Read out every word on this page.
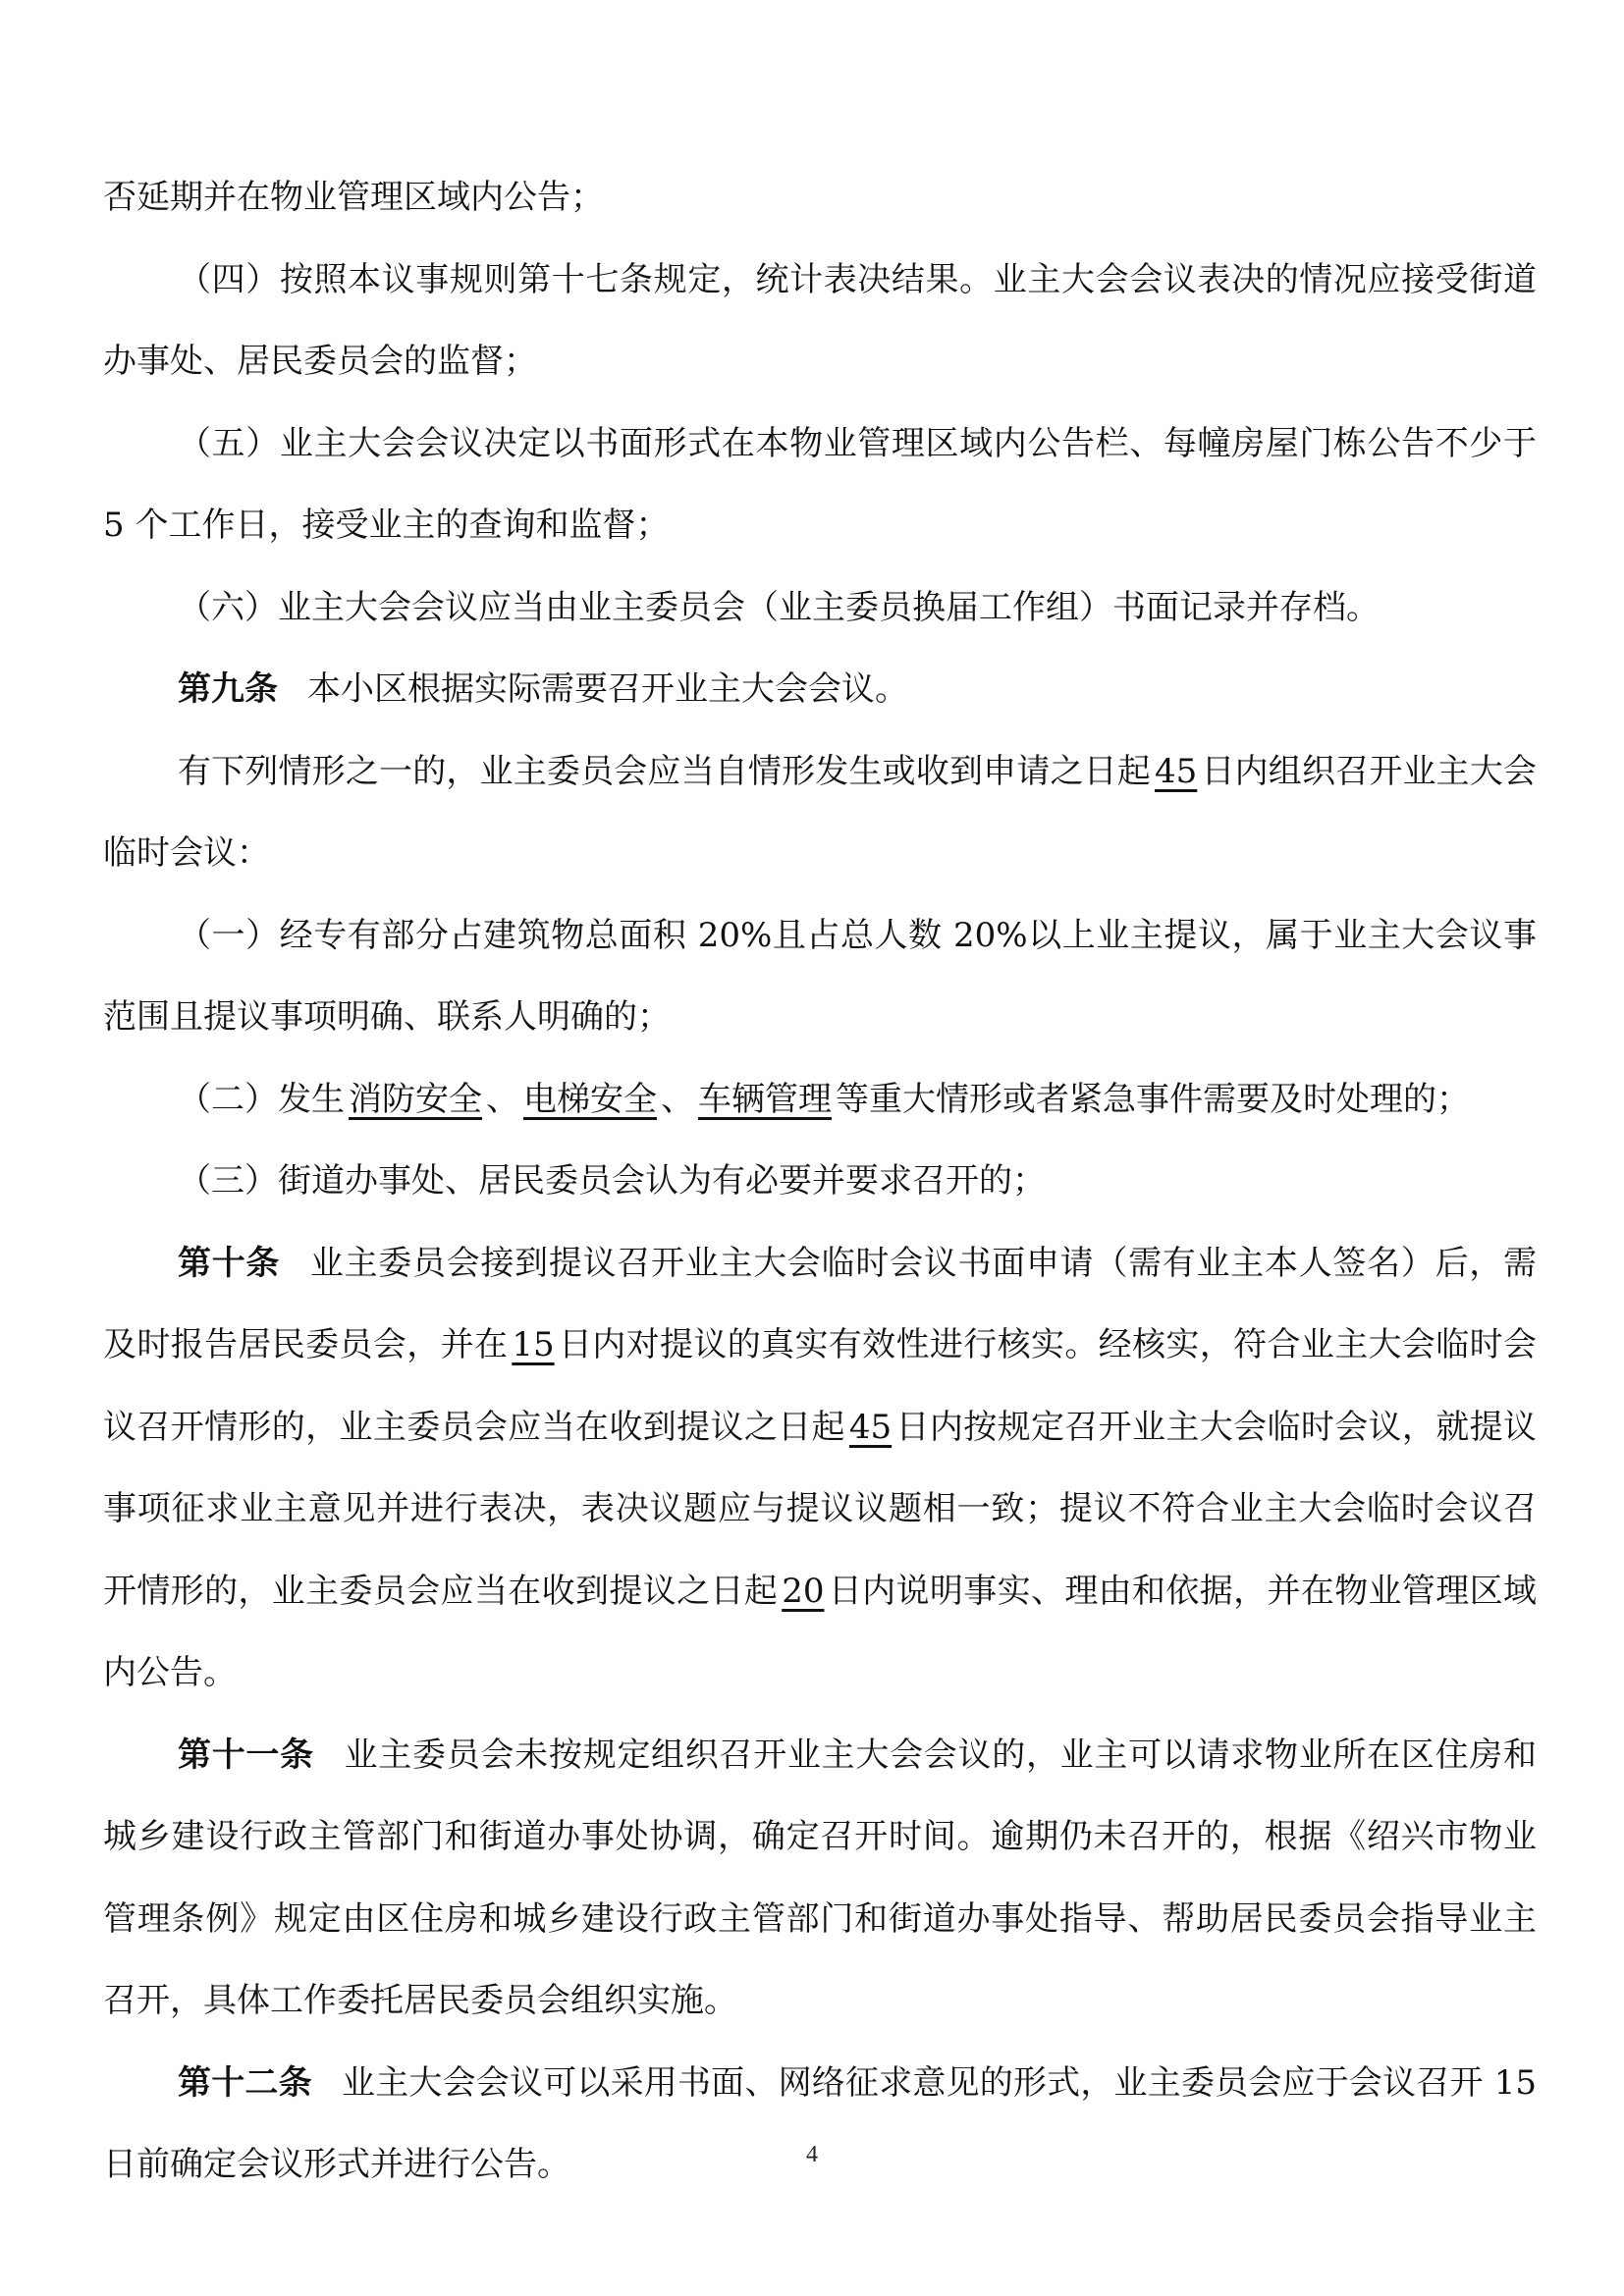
否延期并在物业管理区域内公告；

（四）按照本议事规则第十七条规定，统计表决结果。业主大会会议表决的情况应接受街道办事处、居民委员会的监督；

（五）业主大会会议决定以书面形式在本物业管理区域内公告栏、每幢房屋门栋公告不少于 5 个工作日，接受业主的查询和监督；

（六）业主大会会议应当由业主委员会（业主委员换届工作组）书面记录并存档。

第九条 本小区根据实际需要召开业主大会会议。

有下列情形之一的，业主委员会应当自情形发生或收到申请之日起 45 日内组织召开业主大会临时会议：

（一）经专有部分占建筑物总面积 20%且占总人数 20%以上业主提议，属于业主大会议事范围且提议事项明确、联系人明确的；

（二）发生 消防安全 、 电梯安全 、 车辆管理 等重大情形或者紧急事件需要及时处理的；

（三）街道办事处、居民委员会认为有必要并要求召开的；

第十条 业主委员会接到提议召开业主大会临时会议书面申请（需有业主本人签名）后，需及时报告居民委员会，并在 15 日内对提议的真实有效性进行核实。经核实，符合业主大会临时会议召开情形的，业主委员会应当在收到提议之日起 45 日内按规定召开业主大会临时会议，就提议事项征求业主意见并进行表决，表决议题应与提议议题相一致；提议不符合业主大会临时会议召开情形的，业主委员会应当在收到提议之日起 20 日内说明事实、理由和依据，并在物业管理区域内公告。

第十一条 业主委员会未按规定组织召开业主大会会议的，业主可以请求物业所在区住房和城乡建设行政主管部门和街道办事处协调，确定召开时间。逾期仍未召开的，根据《绍兴市物业管理条例》规定由区住房和城乡建设行政主管部门和街道办事处指导、帮助居民委员会指导业主召开，具体工作委托居民委员会组织实施。

第十二条 业主大会会议可以采用书面、网络征求意见的形式，业主委员会应于会议召开 15 日前确定会议形式并进行公告。	4
